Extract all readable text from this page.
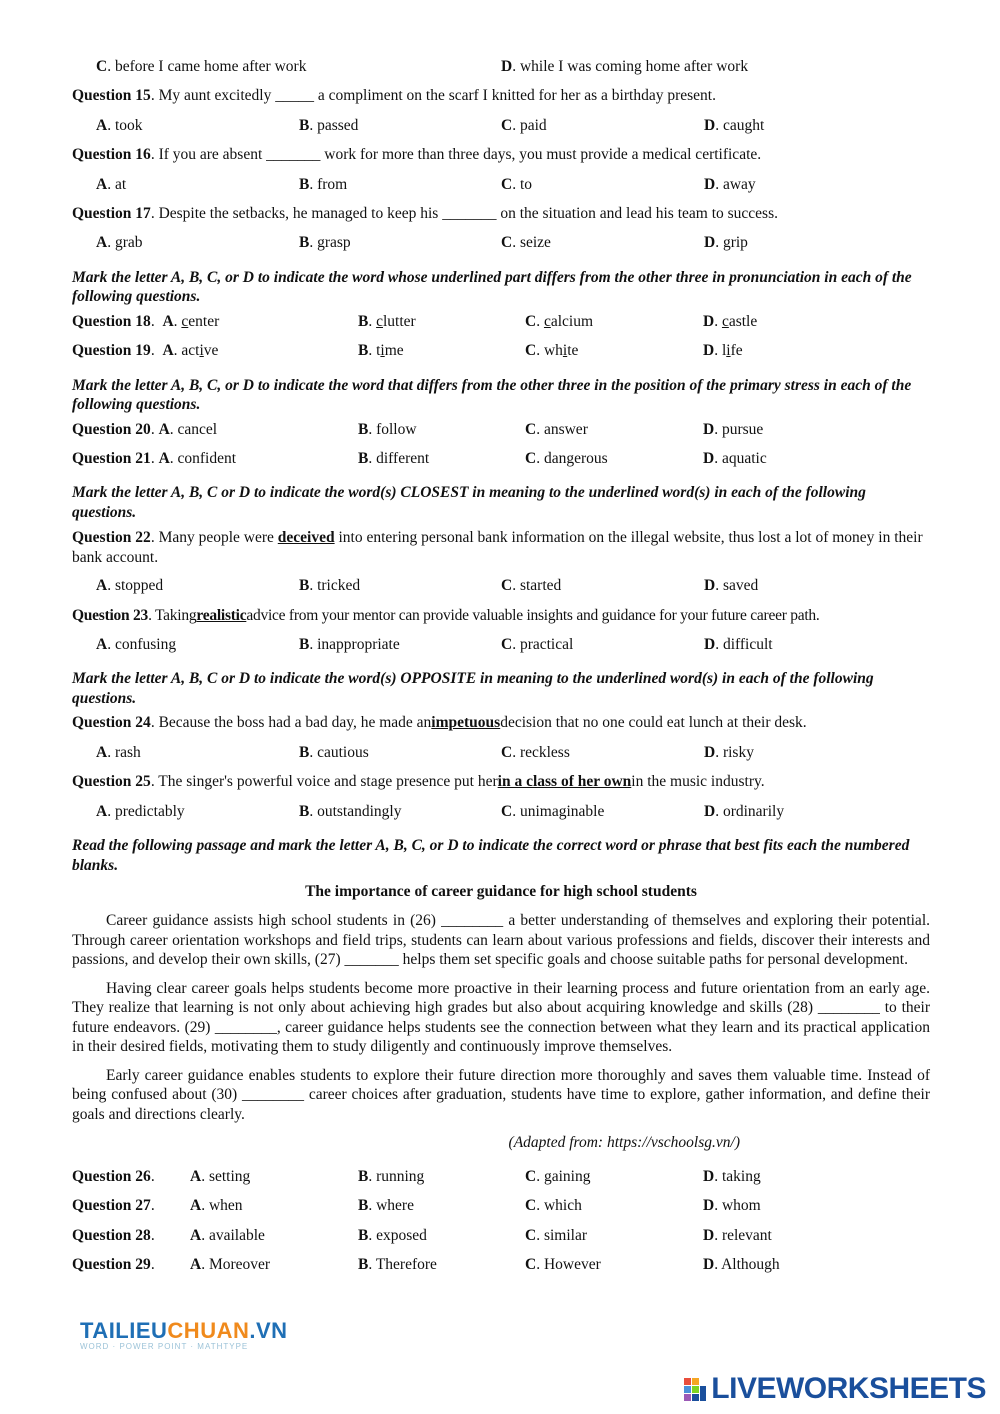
C. before I came home after work	D. while I was coming home after work
Question 15 . My aunt excitedly _____ a compliment on the scarf I knitted for her as a birthday present.
A. took	B. passed	C. paid	D. caught
Question 16 . If you are absent _______ work for more than three days, you must provide a medical certificate.
A. at	B. from	C. to	D. away
Question 17 . Despite the setbacks, he managed to keep his _______ on the situation and lead his team to success.
A. grab	B. grasp	C. seize	D. grip

Mark the letter A, B, C, or D to indicate the word whose underlined part differs from the other three in pronunciation in each of the following questions.

Question 18.  A. center	B. clutter	C. calcium	D. castle
Question 19.  A. active	B. time	C. white	D. life

Mark the letter A, B, C, or D to indicate the word that differs from the other three in the position of the primary stress in each of the following questions.

Question 20. A. cancel	B. follow	C. answer	D. pursue
Question 21. A. confident	B. different	C. dangerous	D. aquatic

Mark the letter A, B, C or D to indicate the word(s) CLOSEST in meaning to the underlined word(s) in each of the following questions.

Question 22. Many people were deceived into entering personal bank information on the illegal website, thus lost a lot of money in their bank account.

A. stopped	B. tricked	C. started	D. saved
Question 23 . Taking realistic advice from your mentor can provide valuable insights and guidance for your future career path.
A. confusing	B. inappropriate	C. practical	D. difficult

Mark the letter A, B, C or D to indicate the word(s) OPPOSITE in meaning to the underlined word(s) in each of the following questions.

Question 24 . Because the boss had a bad day, he made an impetuous decision that no one could eat lunch at their desk.
A. rash	B. cautious	C. reckless	D. risky
Question 25 . The singer's powerful voice and stage presence put her in a class of her own in the music industry.
A. predictably	B. outstandingly	C. unimaginable	D. ordinarily

Read the following passage and mark the letter A, B, C, or D to indicate the correct word or phrase that best fits each the numbered blanks.

The importance of career guidance for high school students

Career guidance assists high school students in (26) ________ a better understanding of themselves and exploring their potential. Through career orientation workshops and field trips, students can learn about various professions and fields, discover their interests and passions, and develop their own skills, (27) _______ helps them set specific goals and choose suitable paths for personal development.

Having clear career goals helps students become more proactive in their learning process and future orientation from an early age. They realize that learning is not only about achieving high grades but also about acquiring knowledge and skills (28) ________ to their future endeavors. (29) ________, career guidance helps students see the connection between what they learn and its practical application in their desired fields, motivating them to study diligently and continuously improve themselves.

Early career guidance enables students to explore their future direction more thoroughly and saves them valuable time. Instead of being confused about (30) ________ career choices after graduation, students have time to explore, gather information, and define their goals and directions clearly.

(Adapted from: https://vschoolsg.vn/)
Question 26.	A. setting	B. running	C. gaining	D. taking
Question 27.	A. when	B. where	C. which	D. whom
Question 28.	A. available	B. exposed	C. similar	D. relevant
Question 29.	A. Moreover	B. Therefore	C. However	D. Although
TAILIEUCHUAN.VN
WORD · POWER POINT · MATHTYPE
LIVEWORKSHEETS
